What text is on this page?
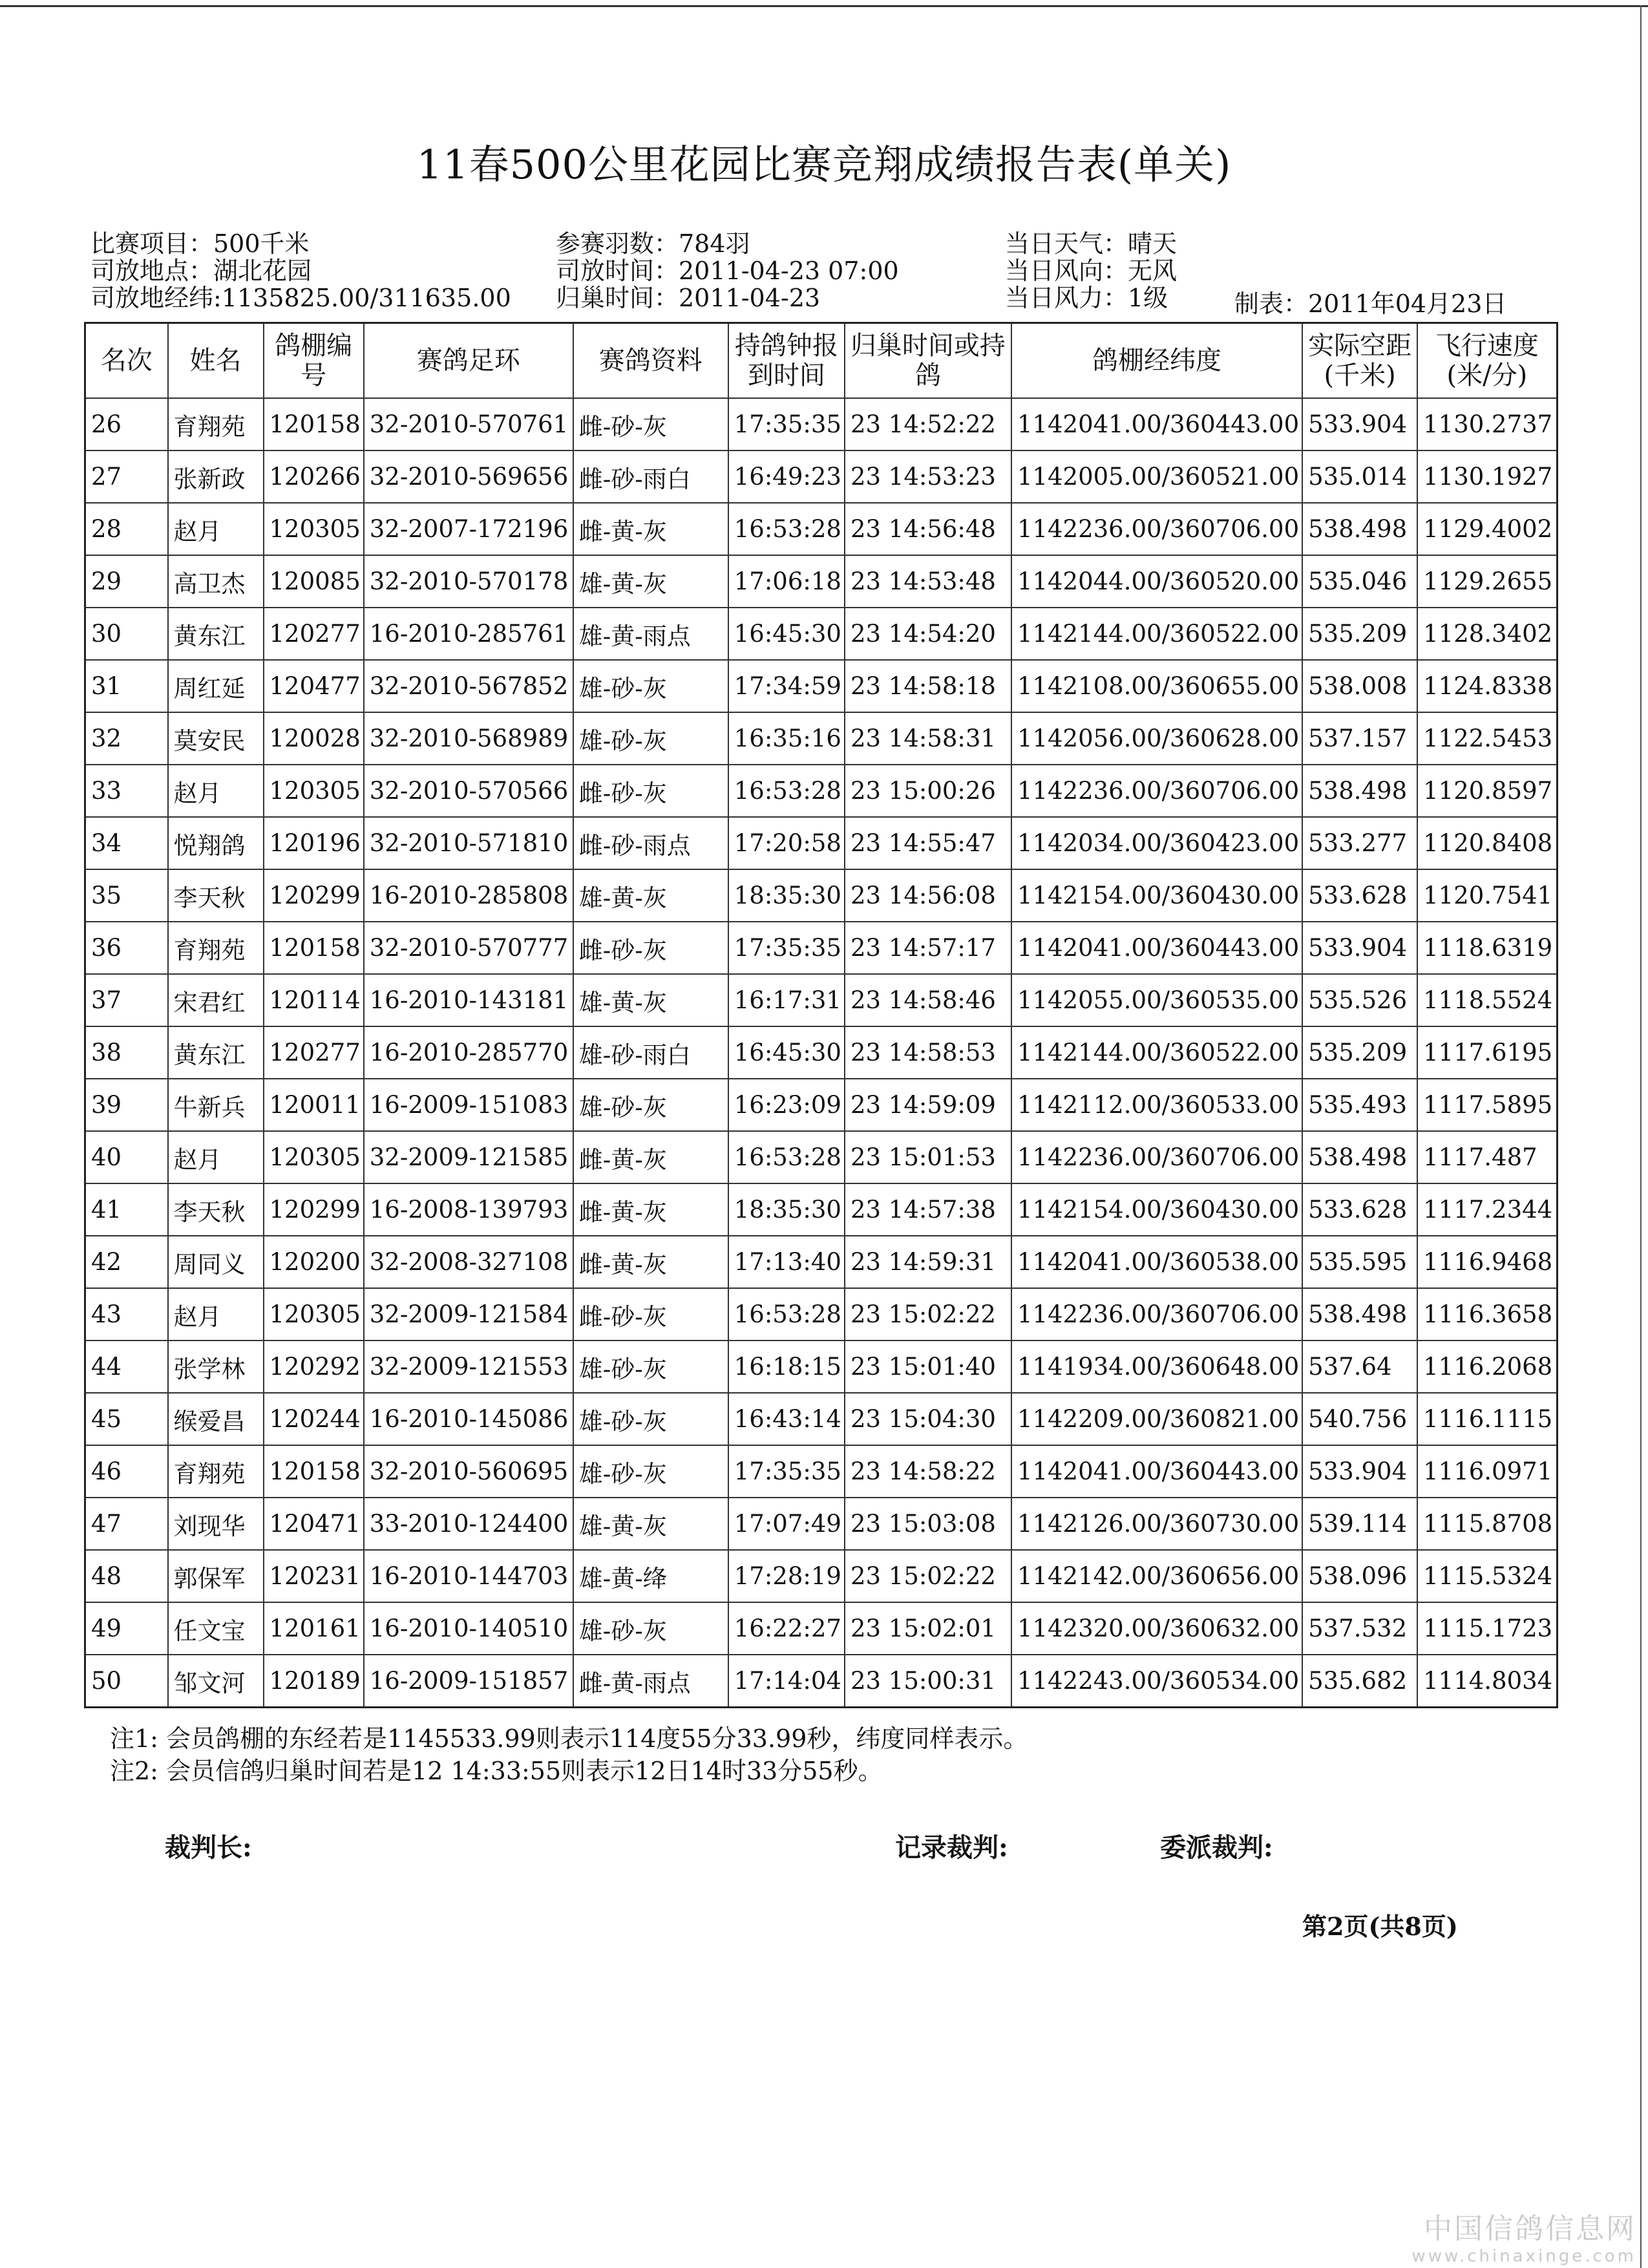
11春500公里花园比赛竞翔成绩报告表(单关)
比赛项目：500千米
司放地点：湖北花园
司放地经纬:1135825.00/311635.00
参赛羽数：784羽
司放时间：2011-04-23 07:00
归巢时间：2011-04-23
当日天气：晴天
当日风向：无风
当日风力：1级	制表：2011年04月23日
名次	姓名	鸽棚编号	赛鸽足环	赛鸽资料	持鸽钟报到时间	归巢时间或持鸽	鸽棚经纬度	实际空距(千米)	飞行速度(米/分)
26	育翔苑	120158	32-2010-570761	雌-砂-灰	17:35:35	23 14:52:22	1142041.00/360443.00	533.904	1130.2737
27	张新政	120266	32-2010-569656	雌-砂-雨白	16:49:23	23 14:53:23	1142005.00/360521.00	535.014	1130.1927
28	赵月	120305	32-2007-172196	雌-黄-灰	16:53:28	23 14:56:48	1142236.00/360706.00	538.498	1129.4002
29	高卫杰	120085	32-2010-570178	雄-黄-灰	17:06:18	23 14:53:48	1142044.00/360520.00	535.046	1129.2655
30	黄东江	120277	16-2010-285761	雄-黄-雨点	16:45:30	23 14:54:20	1142144.00/360522.00	535.209	1128.3402
31	周红延	120477	32-2010-567852	雄-砂-灰	17:34:59	23 14:58:18	1142108.00/360655.00	538.008	1124.8338
32	莫安民	120028	32-2010-568989	雄-砂-灰	16:35:16	23 14:58:31	1142056.00/360628.00	537.157	1122.5453
33	赵月	120305	32-2010-570566	雌-砂-灰	16:53:28	23 15:00:26	1142236.00/360706.00	538.498	1120.8597
34	悦翔鸽	120196	32-2010-571810	雌-砂-雨点	17:20:58	23 14:55:47	1142034.00/360423.00	533.277	1120.8408
35	李天秋	120299	16-2010-285808	雄-黄-灰	18:35:30	23 14:56:08	1142154.00/360430.00	533.628	1120.7541
36	育翔苑	120158	32-2010-570777	雌-砂-灰	17:35:35	23 14:57:17	1142041.00/360443.00	533.904	1118.6319
37	宋君红	120114	16-2010-143181	雄-黄-灰	16:17:31	23 14:58:46	1142055.00/360535.00	535.526	1118.5524
38	黄东江	120277	16-2010-285770	雄-砂-雨白	16:45:30	23 14:58:53	1142144.00/360522.00	535.209	1117.6195
39	牛新兵	120011	16-2009-151083	雄-砂-灰	16:23:09	23 14:59:09	1142112.00/360533.00	535.493	1117.5895
40	赵月	120305	32-2009-121585	雌-黄-灰	16:53:28	23 15:01:53	1142236.00/360706.00	538.498	1117.487
41	李天秋	120299	16-2008-139793	雌-黄-灰	18:35:30	23 14:57:38	1142154.00/360430.00	533.628	1117.2344
42	周同义	120200	32-2008-327108	雌-黄-灰	17:13:40	23 14:59:31	1142041.00/360538.00	535.595	1116.9468
43	赵月	120305	32-2009-121584	雌-砂-灰	16:53:28	23 15:02:22	1142236.00/360706.00	538.498	1116.3658
44	张学林	120292	32-2009-121553	雄-砂-灰	16:18:15	23 15:01:40	1141934.00/360648.00	537.64	1116.2068
45	缑爱昌	120244	16-2010-145086	雄-砂-灰	16:43:14	23 15:04:30	1142209.00/360821.00	540.756	1116.1115
46	育翔苑	120158	32-2010-560695	雄-砂-灰	17:35:35	23 14:58:22	1142041.00/360443.00	533.904	1116.0971
47	刘现华	120471	33-2010-124400	雄-黄-灰	17:07:49	23 15:03:08	1142126.00/360730.00	539.114	1115.8708
48	郭保军	120231	16-2010-144703	雄-黄-绛	17:28:19	23 15:02:22	1142142.00/360656.00	538.096	1115.5324
49	任文宝	120161	16-2010-140510	雄-砂-灰	16:22:27	23 15:02:01	1142320.00/360632.00	537.532	1115.1723
50	邹文河	120189	16-2009-151857	雌-黄-雨点	17:14:04	23 15:00:31	1142243.00/360534.00	535.682	1114.8034
注1: 会员鸽棚的东经若是1145533.99则表示114度55分33.99秒，纬度同样表示。
注2: 会员信鸽归巢时间若是12 14:33:55则表示12日14时33分55秒。
裁判长:	记录裁判:	委派裁判:
第2页(共8页)
中国信鸽信息网
www.chinaxinge.com
